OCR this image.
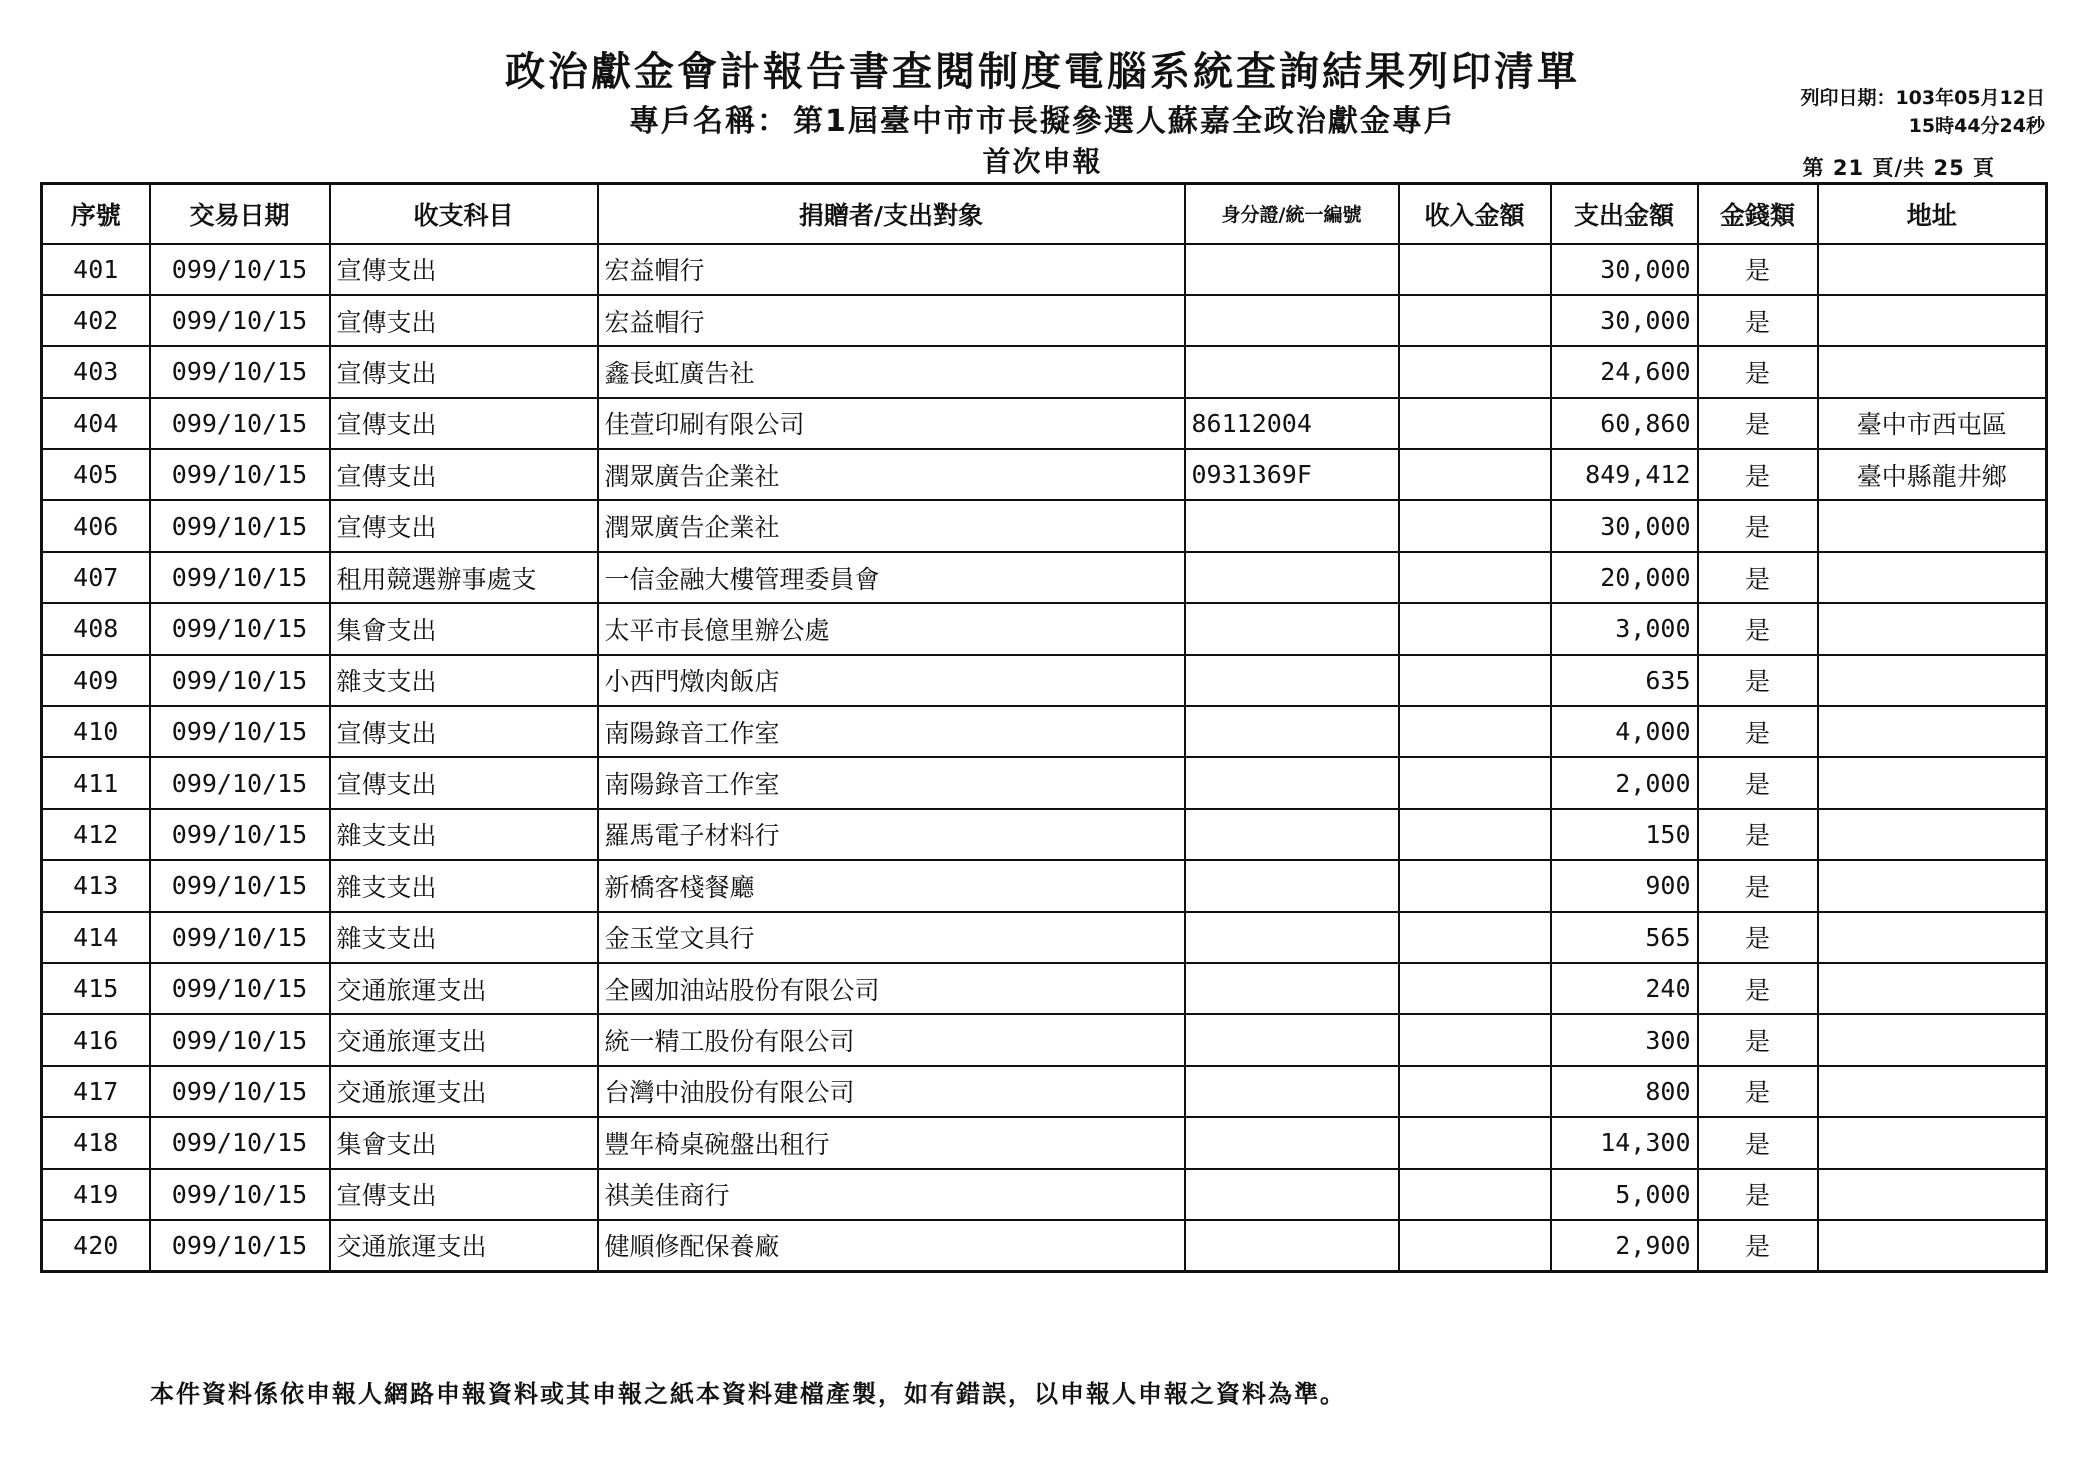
政治獻金會計報告書查閱制度電腦系統查詢結果列印清單
專戶名稱： 第1屆臺中市市長擬參選人蘇嘉全政治獻金專戶
首次申報
列印日期：103年05月12日
15時44分24秒
第 21 頁/共 25 頁
序號	交易日期	收支科目	捐贈者/支出對象	身分證/統一編號	收入金額	支出金額	金錢類	地址
401	099/10/15	宣傳支出	宏益帽行			30,000	是	
402	099/10/15	宣傳支出	宏益帽行			30,000	是	
403	099/10/15	宣傳支出	鑫長虹廣告社			24,600	是	
404	099/10/15	宣傳支出	佳萱印刷有限公司	86112004		60,860	是	臺中市西屯區
405	099/10/15	宣傳支出	潤眾廣告企業社	0931369F		849,412	是	臺中縣龍井鄉
406	099/10/15	宣傳支出	潤眾廣告企業社			30,000	是	
407	099/10/15	租用競選辦事處支	一信金融大樓管理委員會			20,000	是	
408	099/10/15	集會支出	太平市長億里辦公處			3,000	是	
409	099/10/15	雜支支出	小西門燉肉飯店			635	是	
410	099/10/15	宣傳支出	南陽錄音工作室			4,000	是	
411	099/10/15	宣傳支出	南陽錄音工作室			2,000	是	
412	099/10/15	雜支支出	羅馬電子材料行			150	是	
413	099/10/15	雜支支出	新橋客棧餐廳			900	是	
414	099/10/15	雜支支出	金玉堂文具行			565	是	
415	099/10/15	交通旅運支出	全國加油站股份有限公司			240	是	
416	099/10/15	交通旅運支出	統一精工股份有限公司			300	是	
417	099/10/15	交通旅運支出	台灣中油股份有限公司			800	是	
418	099/10/15	集會支出	豐年椅桌碗盤出租行			14,300	是	
419	099/10/15	宣傳支出	祺美佳商行			5,000	是	
420	099/10/15	交通旅運支出	健順修配保養廠			2,900	是	
本件資料係依申報人網路申報資料或其申報之紙本資料建檔產製，如有錯誤，以申報人申報之資料為準。
